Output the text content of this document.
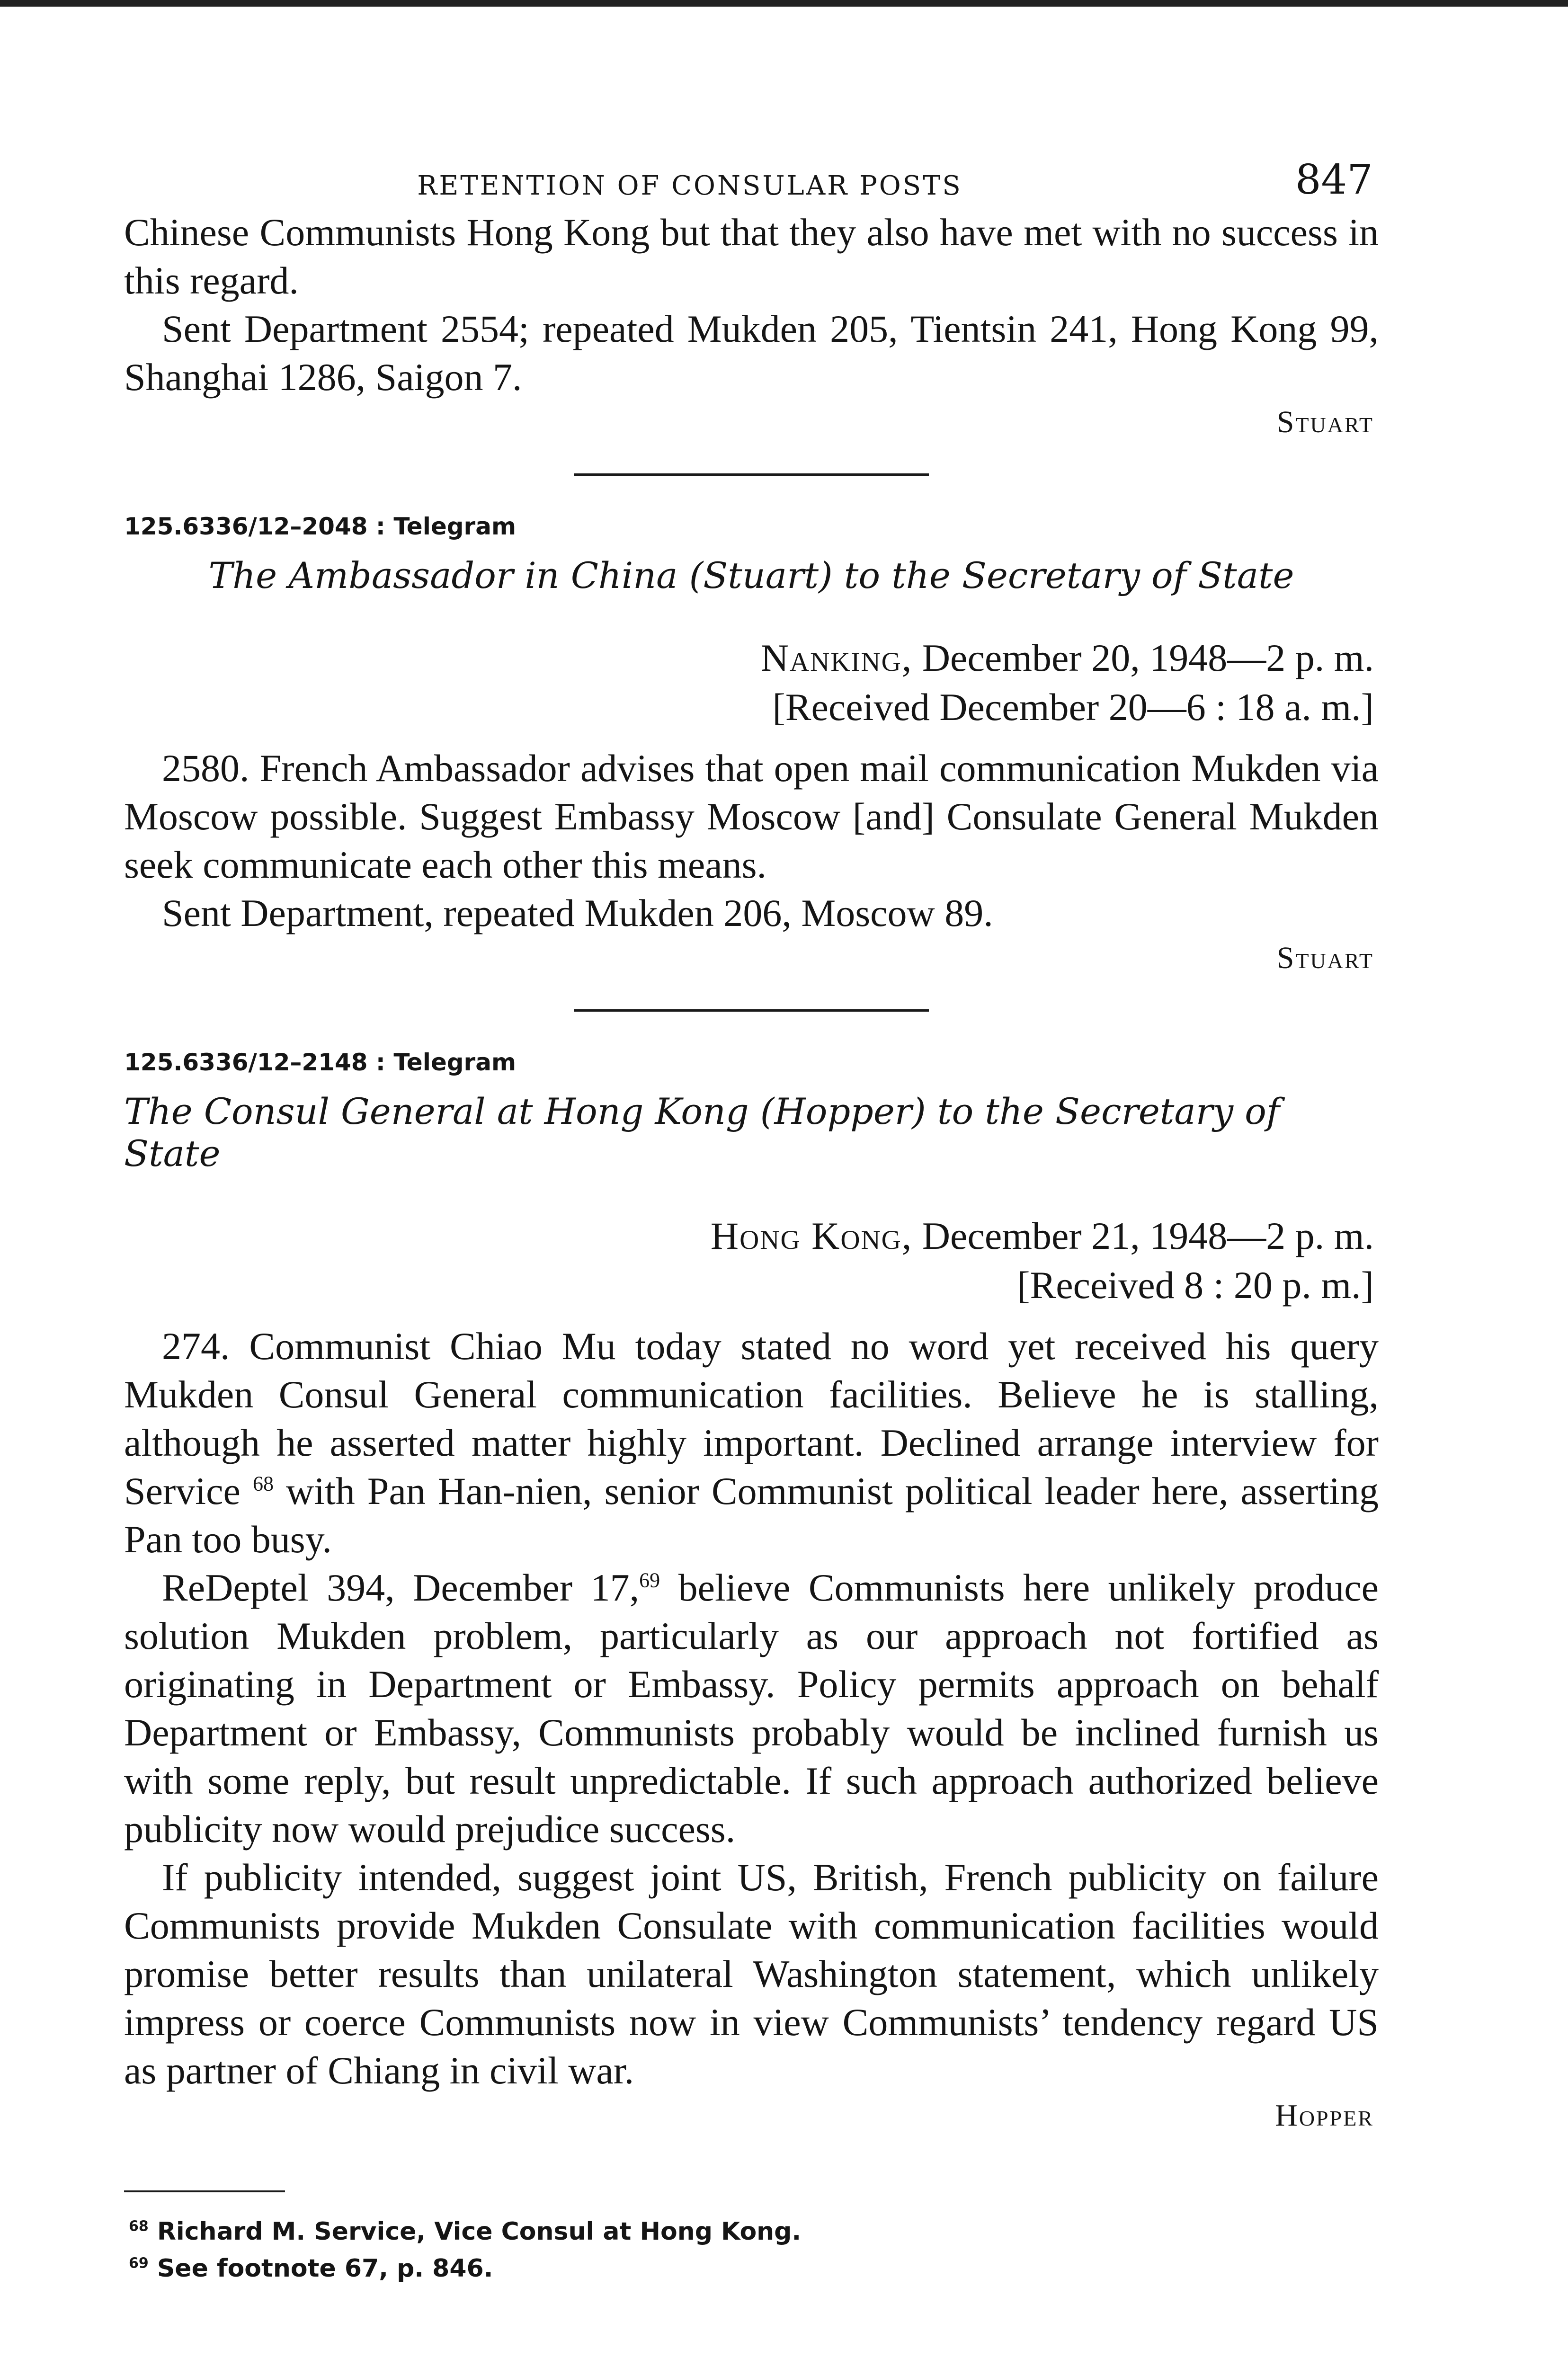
RETENTION OF CONSULAR POSTS	847

Chinese Communists Hong Kong but that they also have met with no success in this regard.

Sent Department 2554; repeated Mukden 205, Tientsin 241, Hong Kong 99, Shanghai 1286, Saigon 7.

Stuart

125.6336/12–2048 : Telegram

The Ambassador in China (Stuart) to the Secretary of State

Nanking, December 20, 1948—2 p. m.

[Received December 20—6 : 18 a. m.]

2580. French Ambassador advises that open mail communication Mukden via Moscow possible. Suggest Embassy Moscow [and] Consulate General Mukden seek communicate each other this means.

Sent Department, repeated Mukden 206, Moscow 89.

Stuart

125.6336/12–2148 : Telegram

The Consul General at Hong Kong (Hopper) to the Secretary of State

Hong Kong, December 21, 1948—2 p. m.

[Received 8 : 20 p. m.]

274. Communist Chiao Mu today stated no word yet received his query Mukden Consul General communication facilities. Believe he is stalling, although he asserted matter highly important. Declined arrange interview for Service $^{68}$ with Pan Han-nien, senior Communist political leader here, asserting Pan too busy.

ReDeptel 394, December 17,69 believe Communists here unlikely produce solution Mukden problem, particularly as our approach not fortified as originating in Department or Embassy. Policy permits approach on behalf Department or Embassy, Communists probably would be inclined furnish us with some reply, but result unpredictable. If such approach authorized believe publicity now would prejudice success.

If publicity intended, suggest joint US, British, French publicity on failure Communists provide Mukden Consulate with communication facilities would promise better results than unilateral Washington statement, which unlikely impress or coerce Communists now in view Communists’ tendency regard US as partner of Chiang in civil war.

Hopper

$^{68}$ Richard M. Service, Vice Consul at Hong Kong.

$^{69}$ See footnote 67, p. 846.
